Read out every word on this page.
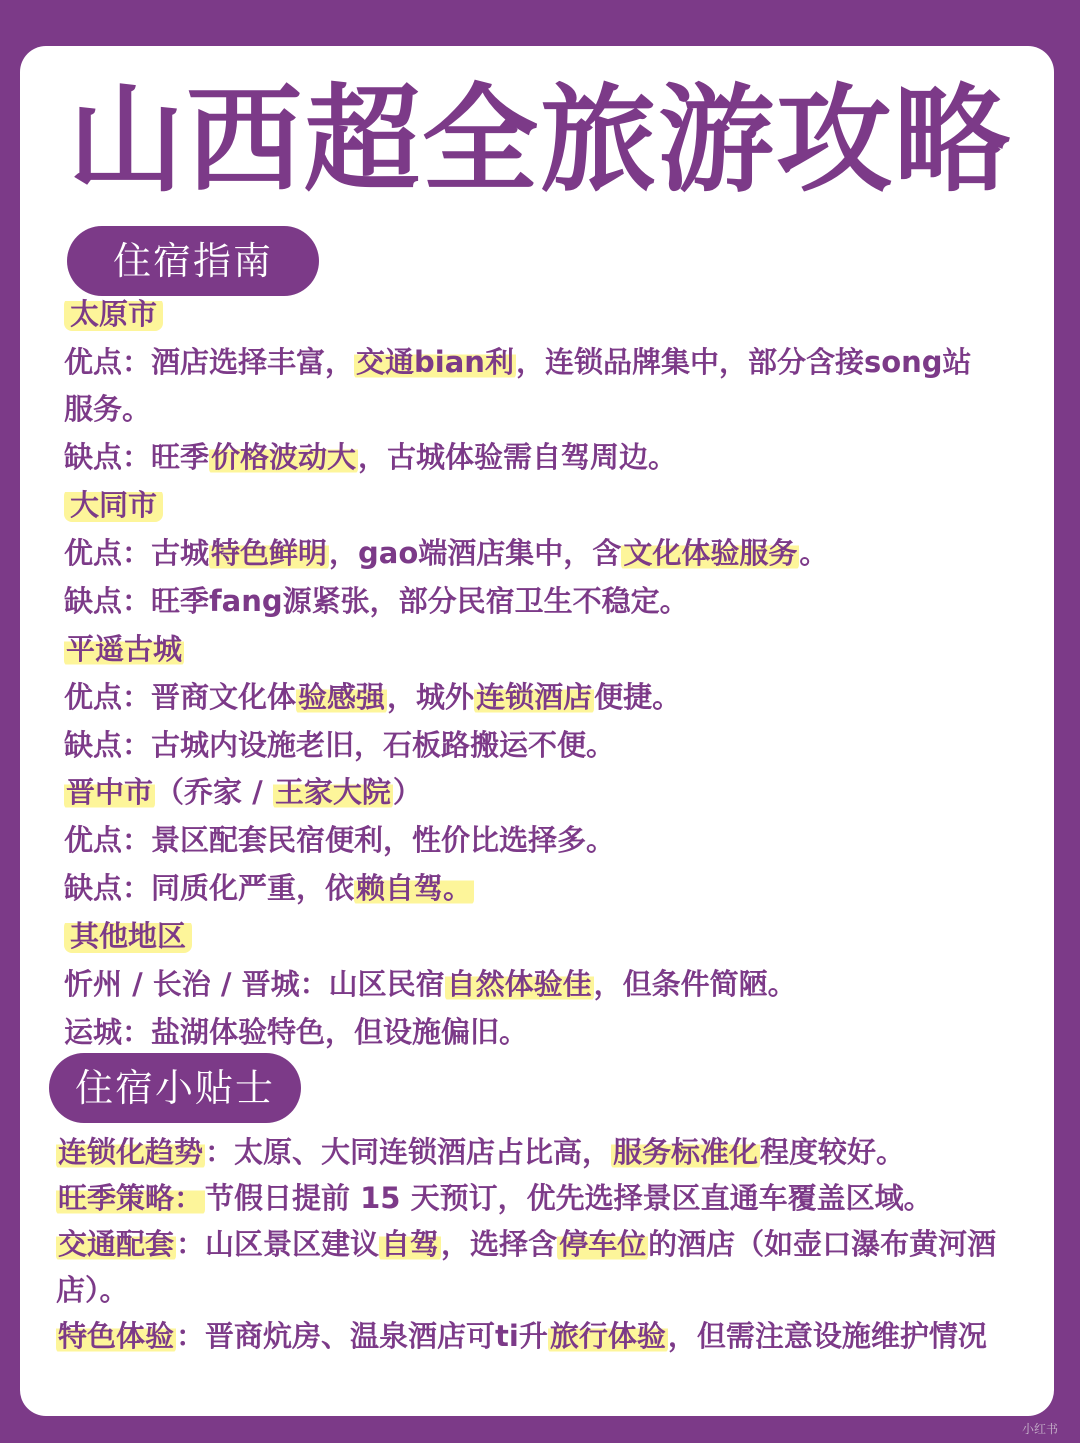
山西超全旅游攻略
住宿指南
太原市
优点：酒店选择丰富，交通bian利，连锁品牌集中，部分含接song站
服务。
缺点：旺季价格波动大，古城体验需自驾周边。
大同市
优点：古城特色鲜明，gao端酒店集中，含文化体验服务。
缺点：旺季fang源紧张，部分民宿卫生不稳定。
平遥古城
优点：晋商文化体验感强，城外连锁酒店便捷。
缺点：古城内设施老旧，石板路搬运不便。
晋中市（乔家 / 王家大院）
优点：景区配套民宿便利，性价比选择多。
缺点：同质化严重，依赖自驾。
其他地区
忻州 / 长治 / 晋城：山区民宿自然体验佳，但条件简陋。
运城：盐湖体验特色，但设施偏旧。
住宿小贴士
连锁化趋势：太原、大同连锁酒店占比高，服务标准化程度较好。
旺季策略：节假日提前 15 天预订，优先选择景区直通车覆盖区域。
交通配套：山区景区建议自驾，选择含停车位的酒店（如壶口瀑布黄河酒
店）。
特色体验：晋商炕房、温泉酒店可ti升旅行体验，但需注意设施维护情况
小红书
